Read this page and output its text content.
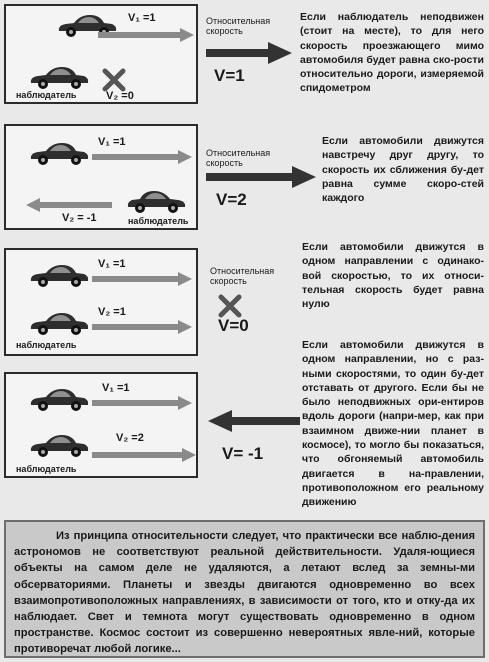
V₁ =1
наблюдатель	V₂ =0
Относительная
скорость
V=1
Если наблюдатель неподвижен (стоит на месте), то для него скорость проезжающего мимо автомобиля будет равна ско-рости относительно дороги, измеряемой спидометром
V₁ =1
V₂ = -1	наблюдатель
Относительная
скорость
V=2
Если автомобили движутся навстречу друг другу, то скорость их сближения бу-дет равна сумме скоро-стей каждого
V₁ =1
V₂ =1
наблюдатель
Относительная
скорость
V=0
Если автомобили движутся в одном направлении с одинако-вой скоростью, то их относи-тельная скорость будет равна нулю
V₁ =1
V₂ =2
наблюдатель
V= -1
Если автомобили движутся в одном направлении, но с раз-ными скоростями, то один бу-дет отставать от другого. Если бы не было неподвижных ори-ентиров вдоль дороги (напри-мер, как при взаимном движе-нии планет в космосе), то могло бы показаться, что обгоняемый автомобиль двигается в на-правлении, противоположном его реальному движению
Из принципа относительности следует, что практически все наблю-дения астрономов не соответствуют реальной действительности. Удаля-ющиеся объекты на самом деле не удаляются, а летают вслед за земны-ми обсерваториями. Планеты и звезды двигаются одновременно во всех взаимопротивоположных направлениях, в зависимости от того, кто и отку-да их наблюдает. Свет и темнота могут существовать одновременно в одном пространстве. Космос состоит из совершенно невероятных явле-ний, которые противоречат любой логике...
